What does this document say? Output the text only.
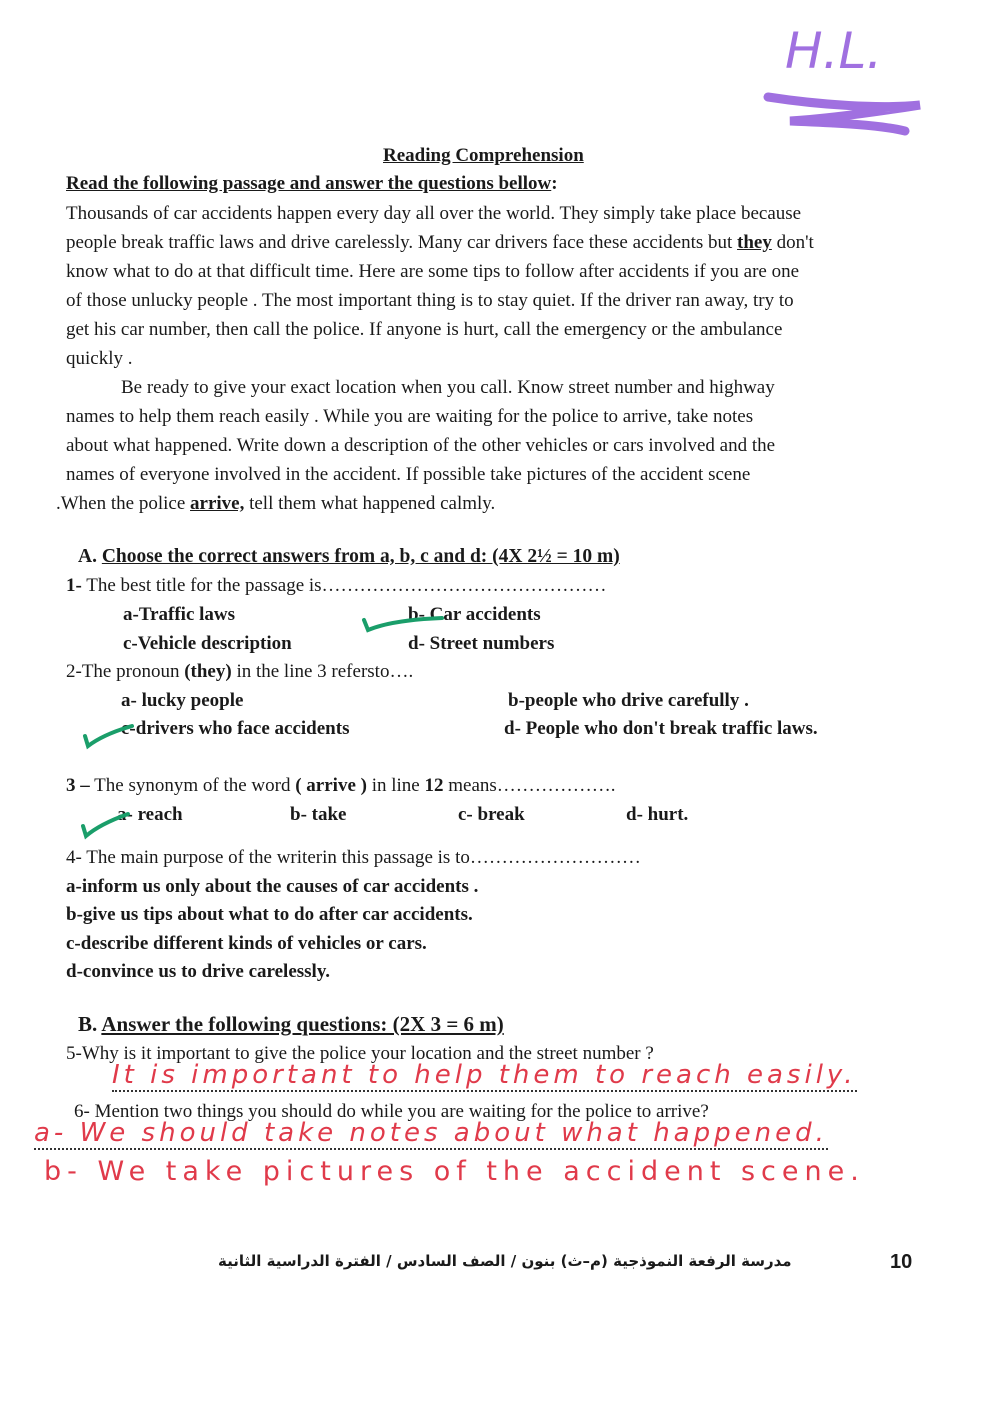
H.L.
Reading Comprehension
Read the following passage and answer the questions bellow:
Thousands of car accidents happen every day all over the world. They simply take place because
people break traffic laws and drive carelessly. Many car drivers face these accidents but they don't
know what to do at that difficult time. Here are some tips to follow after accidents if you are one
of those unlucky people . The most important thing is to stay quiet. If the driver ran away, try to
get his car number, then call the police. If anyone is hurt, call the emergency or the ambulance
quickly .
Be ready to give your exact location when you call. Know street number and highway
names to help them reach easily . While you are waiting for the police to arrive, take notes
about what happened. Write down a description of the other vehicles or cars involved and the
names of everyone involved in the accident. If possible take pictures of the accident scene
.When the police arrive, tell them what happened calmly.
A. Choose the correct answers from a, b, c and d: (4X 2½ = 10 m)
1- The best title for the passage is………………………………………
a-Traffic laws	b- Car accidents
c-Vehicle description	d- Street numbers
2-The pronoun (they) in the line 3 refersto….
a- lucky people	b-people who drive carefully .
c-drivers who face accidents	d- People who don't break traffic laws.
3 – The synonym of the word ( arrive ) in line 12 means……………….
a- reach	b- take	c- break	d- hurt.
4- The main purpose of the writerin this passage is to………………………
a-inform us only about the causes of car accidents .
b-give us tips about what to do after car accidents.
c-describe different kinds of vehicles or cars.
d-convince us to drive carelessly.
B. Answer the following questions: (2X 3 = 6 m)
5-Why is it important to give the police your location and the street number ?
It is important to help them to reach easily.
6- Mention two things you should do while you are waiting for the police to arrive?
a- We should take notes about what happened.
b- We take pictures of the accident scene.
مدرسة الرفعة النموذجية (م–ث) بنون / الصف السادس / الفترة الدراسية الثانية	10
